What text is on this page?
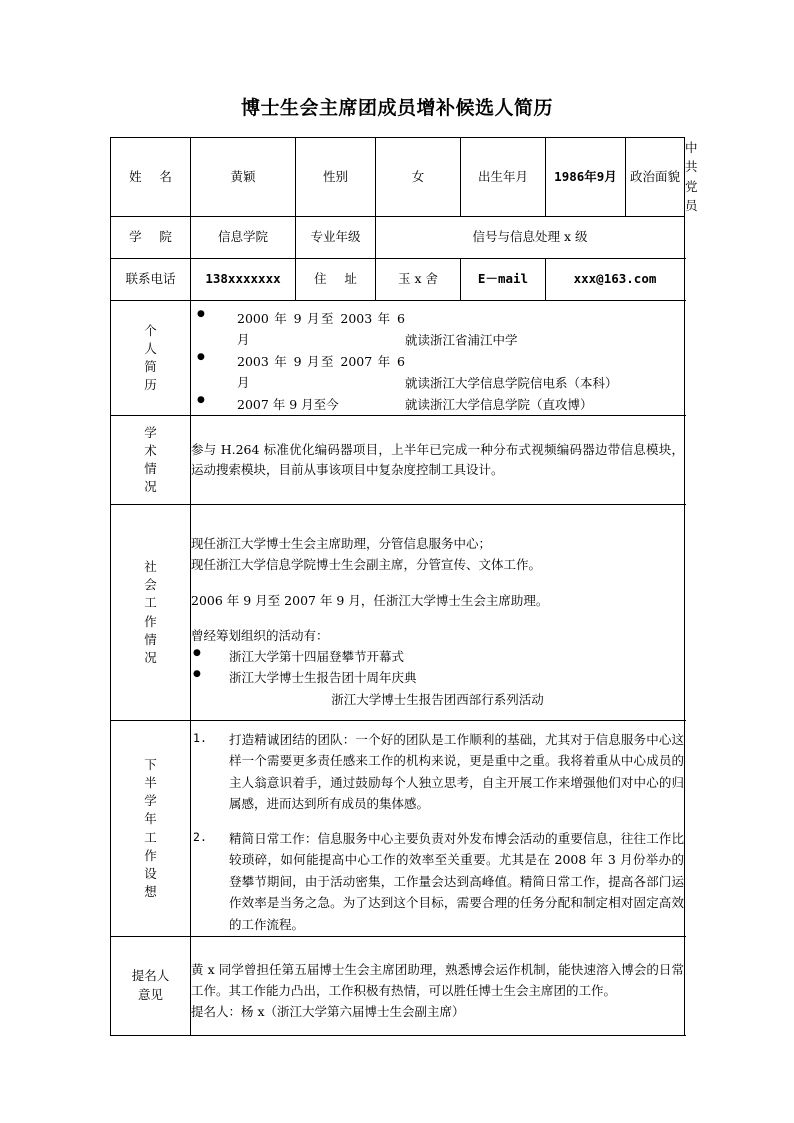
博士生会主席团成员增补候选人简历
姓 名	黄颖	性别	女	出生年月	1986年9月	政治面貌	中共党员
学 院	信息学院	专业年级	信号与信息处理 x 级				
联系电话	138xxxxxxx	住 址	玉 x 舍	E－mail	xxx@163.com		

个
人
简
历

● 2000 年 9 月至 2003 年 6 月	就读浙江省浦江中学
● 2003 年 9 月至 2007 年 6 月	就读浙江大学信息学院信电系（本科）
● 2007 年 9 月至今	就读浙江大学信息学院（直攻博）

学
术
情
况	参与 H.264 标准优化编码器项目，上半年已完成一种分布式视频编码器边带信息模块，运动搜索模块，目前从事该项目中复杂度控制工具设计。						

社
会
工
作
情
况

现任浙江大学博士生会主席助理，分管信息服务中心；

现任浙江大学信息学院博士生会副主席，分管宣传、文体工作。

2006 年 9 月至 2007 年 9 月，任浙江大学博士生会主席助理。

曾经筹划组织的活动有：

● 浙江大学第十四届登攀节开幕式
● 浙江大学博士生报告团十周年庆典

浙江大学博士生报告团西部行系列活动

下
半
学
年
工
作
设
想

打造精诚团结的团队：一个好的团队是工作顺利的基础，尤其对于信息服务中心这样一个需要更多责任感来工作的机构来说，更是重中之重。我将着重从中心成员的主人翁意识着手，通过鼓励每个人独立思考，自主开展工作来增强他们对中心的归属感，进而达到所有成员的集体感。
精简日常工作：信息服务中心主要负责对外发布博会活动的重要信息，往往工作比较琐碎，如何能提高中心工作的效率至关重要。尤其是在 2008 年 3 月份举办的登攀节期间，由于活动密集，工作量会达到高峰值。精简日常工作，提高各部门运作效率是当务之急。为了达到这个目标，需要合理的任务分配和制定相对固定高效的工作流程。

提名人
意见

黄 x 同学曾担任第五届博士生会主席团助理，熟悉博会运作机制，能快速溶入博会的日常工作。其工作能力凸出，工作积极有热情，可以胜任博士生会主席团的工作。

提名人：杨 x（浙江大学第六届博士生会副主席）
